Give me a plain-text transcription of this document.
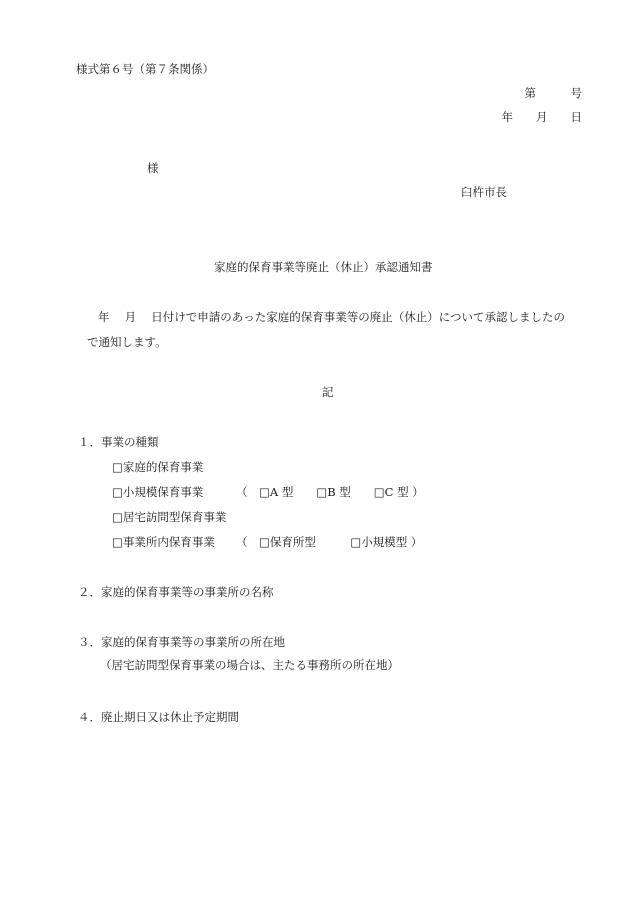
様式第６号（第７条関係）
第　　　号
年　　月　　日
様
臼杵市長
家庭的保育事業等廃止（休止）承認通知書
年　 月　 日付けで申請のあった家庭的保育事業等の廃止（休止）について承認しましたの
で通知します。
記
１．事業の種類
□家庭的保育事業
□小規模保育事業	（　□A 型　　□B 型　　□C 型 ）
□居宅訪問型保育事業
□事業所内保育事業 （　□保育所型　　　□小規模型 ）
２．家庭的保育事業等の事業所の名称
３．家庭的保育事業等の事業所の所在地
（居宅訪問型保育事業の場合は、主たる事務所の所在地）
４．廃止期日又は休止予定期間
